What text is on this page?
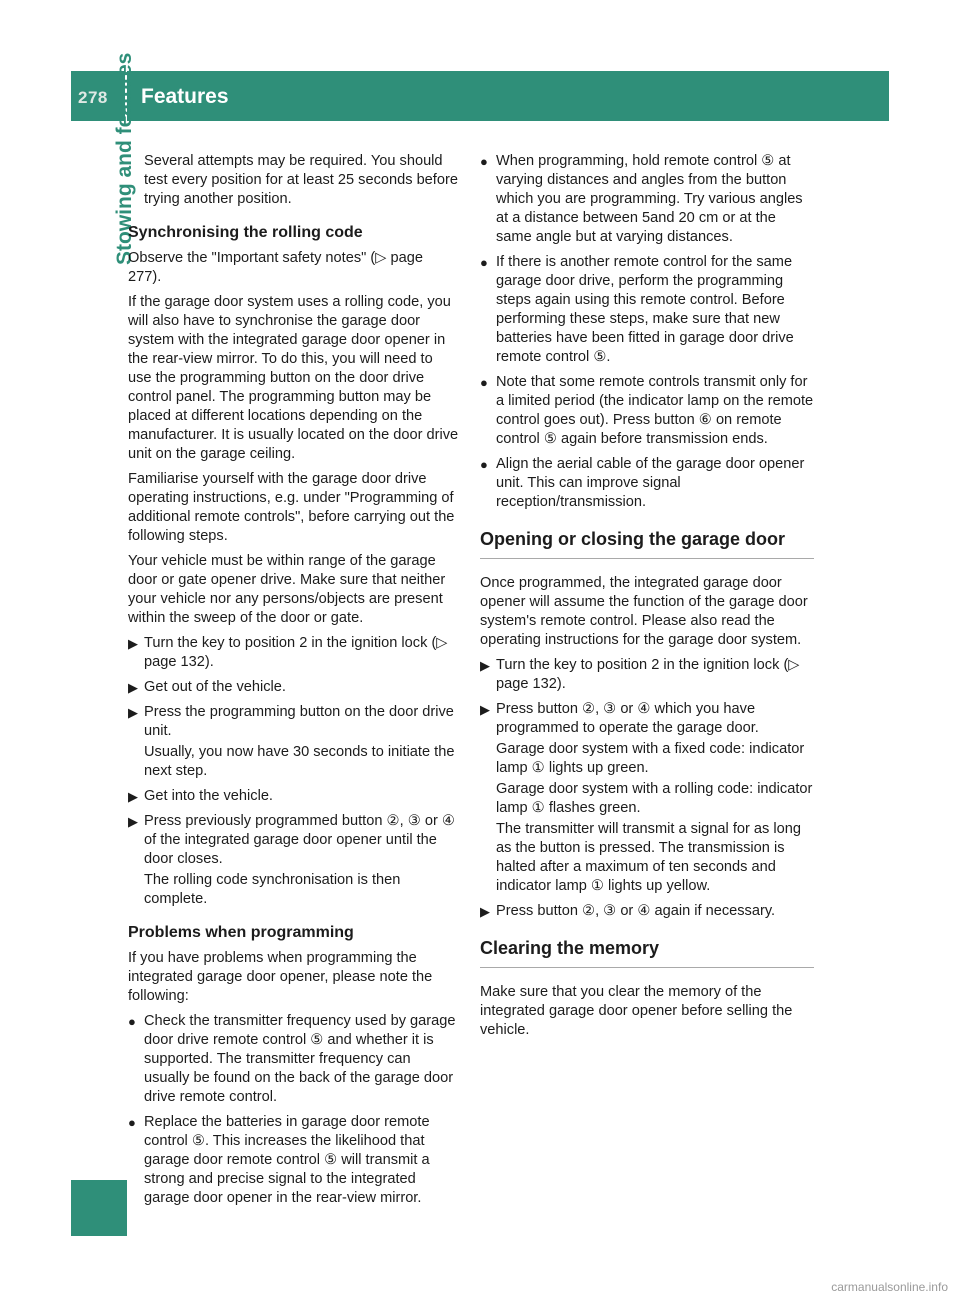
278 Features
Stowing and features Several attempts may be required. You should test every position for at least 25 seconds before trying another position.

Synchronising the rolling code

Observe the "Important safety notes" (▷ page 277).

If the garage door system uses a rolling code, you will also have to synchronise the garage door system with the integrated garage door opener in the rear-view mirror. To do this, you will need to use the programming button on the door drive control panel. The programming button may be placed at different locations depending on the manufacturer. It is usually located on the door drive unit on the garage ceiling.

Familiarise yourself with the garage door drive operating instructions, e.g. under "Programming of additional remote controls", before carrying out the following steps.

Your vehicle must be within range of the garage door or gate opener drive. Make sure that neither your vehicle nor any persons/objects are present within the sweep of the door or gate.

▶ Turn the key to position 2 in the ignition lock (▷ page 132).
▶ Get out of the vehicle.
▶ Press the programming button on the door drive unit.
Usually, you now have 30 seconds to initiate the next step.
▶ Get into the vehicle.
▶ Press previously programmed button ②, ③ or ④ of the integrated garage door opener until the door closes.
The rolling code synchronisation is then complete.
Problems when programming

If you have problems when programming the integrated garage door opener, please note the following:

● Check the transmitter frequency used by garage door drive remote control ⑤ and whether it is supported. The transmitter frequency can usually be found on the back of the garage door drive remote control.
● Replace the batteries in garage door remote control ⑤. This increases the likelihood that garage door remote control ⑤ will transmit a strong and precise signal to the integrated garage door opener in the rear-view mirror.
● When programming, hold remote control ⑤ at varying distances and angles from the button which you are programming. Try various angles at a distance between 5and 20 cm or at the same angle but at varying distances.
● If there is another remote control for the same garage door drive, perform the programming steps again using this remote control. Before performing these steps, make sure that new batteries have been fitted in garage door drive remote control ⑤.
● Note that some remote controls transmit only for a limited period (the indicator lamp on the remote control goes out). Press button ⑥ on remote control ⑤ again before transmission ends.
● Align the aerial cable of the garage door opener unit. This can improve signal reception/transmission.
Opening or closing the garage door

Once programmed, the integrated garage door opener will assume the function of the garage door system's remote control. Please also read the operating instructions for the garage door system.

▶ Turn the key to position 2 in the ignition lock (▷ page 132).
▶ Press button ②, ③ or ④ which you have programmed to operate the garage door.
Garage door system with a fixed code: indicator lamp ① lights up green.
Garage door system with a rolling code: indicator lamp ① flashes green.
The transmitter will transmit a signal for as long as the button is pressed. The transmission is halted after a maximum of ten seconds and indicator lamp ① lights up yellow.
▶ Press button ②, ③ or ④ again if necessary.
Clearing the memory

Make sure that you clear the memory of the integrated garage door opener before selling the vehicle.

carmanualsonline.info
